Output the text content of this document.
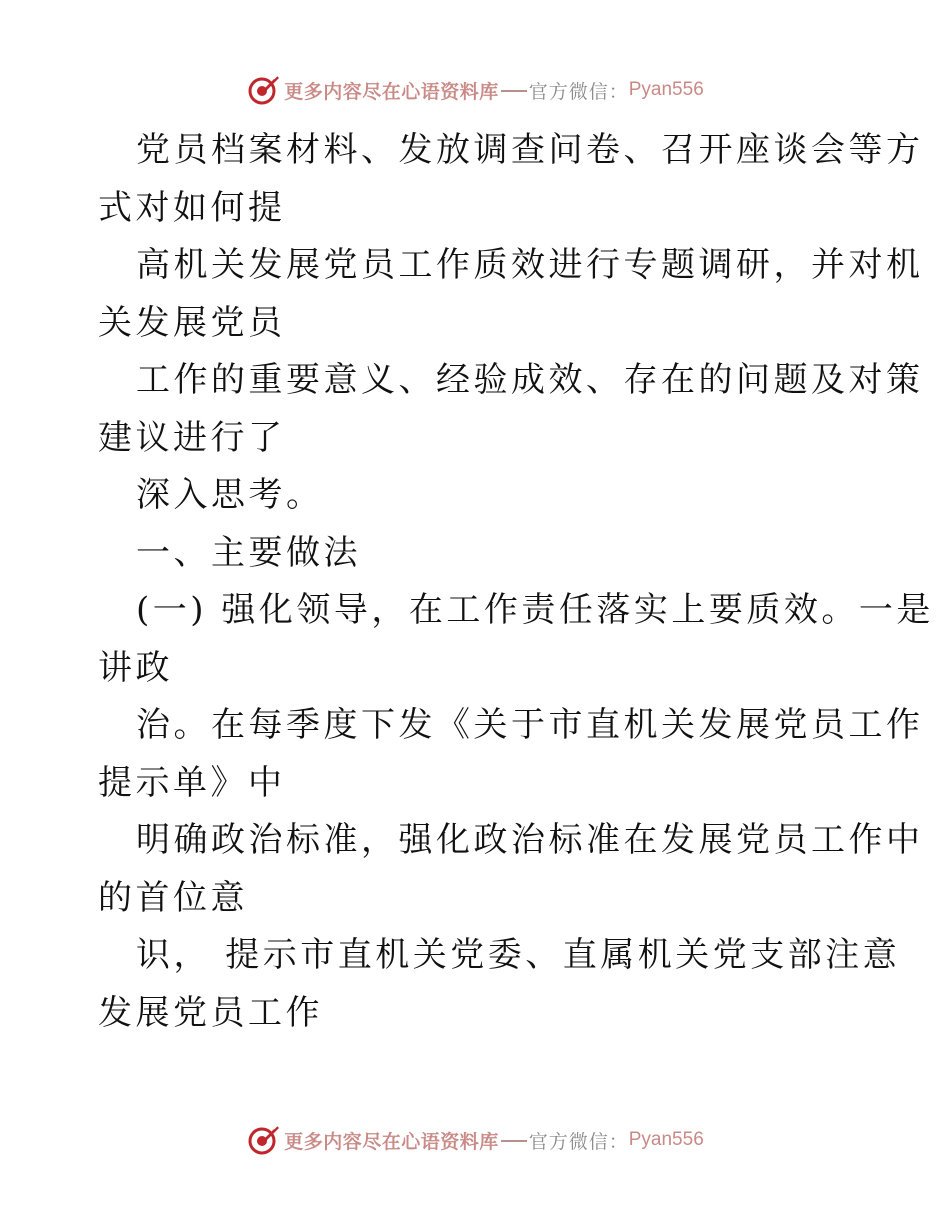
更多内容尽在心语资料库 官方微信： Pyan556

党员档案材料、发放调查问卷、召开座谈会等方

式对如何提

高机关发展党员工作质效进行专题调研，并对机

关发展党员

工作的重要意义、经验成效、存在的问题及对策

建议进行了

深入思考。

一、主要做法

(一) 强化领导，在工作责任落实上要质效。一是

讲政

治。在每季度下发《关于市直机关发展党员工作

提示单》中

明确政治标准，强化政治标准在发展党员工作中

的首位意

识， 提示市直机关党委、直属机关党支部注意

发展党员工作

更多内容尽在心语资料库 官方微信： Pyan556
